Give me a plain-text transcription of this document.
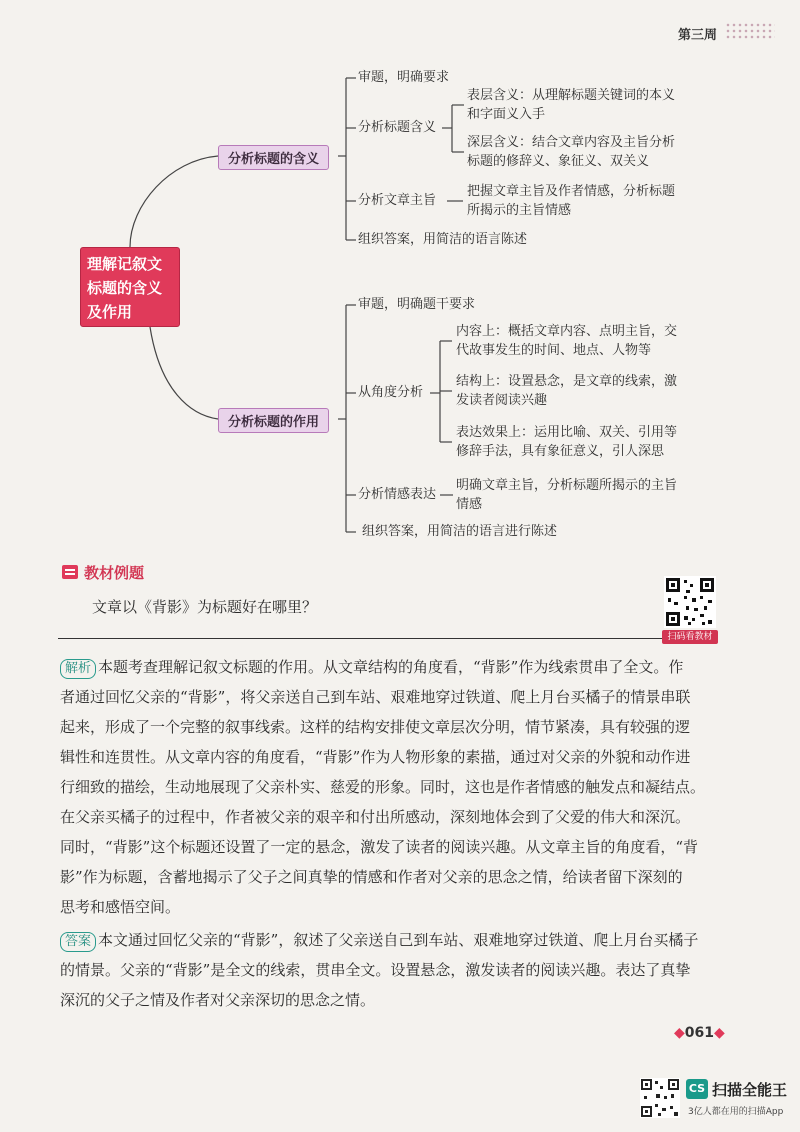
第三周
理解记叙文
标题的含义
及作用
分析标题的含义
分析标题的作用
审题，明确要求
分析标题含义
表层含义：从理解标题关键词的本义
和字面义入手
深层含义：结合文章内容及主旨分析
标题的修辞义、象征义、双关义
分析文章主旨
把握文章主旨及作者情感，分析标题
所揭示的主旨情感
组织答案，用简洁的语言陈述
审题，明确题干要求
从角度分析
内容上：概括文章内容、点明主旨，交
代故事发生的时间、地点、人物等
结构上：设置悬念，是文章的线索，激
发读者阅读兴趣
表达效果上：运用比喻、双关、引用等
修辞手法，具有象征意义，引人深思
分析情感表达
明确文章主旨，分析标题所揭示的主旨
情感
组织答案，用简洁的语言进行陈述
教材例题
文章以《背影》为标题好在哪里？
扫码看教材
解析 本题考查理解记叙文标题的作用。从文章结构的角度看，“背影”作为线索贯串了全文。作
者通过回忆父亲的“背影”，将父亲送自己到车站、艰难地穿过铁道、爬上月台买橘子的情景串联
起来，形成了一个完整的叙事线索。这样的结构安排使文章层次分明，情节紧凑，具有较强的逻
辑性和连贯性。从文章内容的角度看，“背影”作为人物形象的素描，通过对父亲的外貌和动作进
行细致的描绘，生动地展现了父亲朴实、慈爱的形象。同时，这也是作者情感的触发点和凝结点。
在父亲买橘子的过程中，作者被父亲的艰辛和付出所感动，深刻地体会到了父爱的伟大和深沉。
同时，“背影”这个标题还设置了一定的悬念，激发了读者的阅读兴趣。从文章主旨的角度看，“背
影”作为标题，含蓄地揭示了父子之间真挚的情感和作者对父亲的思念之情，给读者留下深刻的
思考和感悟空间。
答案 本文通过回忆父亲的“背影”，叙述了父亲送自己到车站、艰难地穿过铁道、爬上月台买橘子
的情景。父亲的“背影”是全文的线索，贯串全文。设置悬念，激发读者的阅读兴趣。表达了真挚
深沉的父子之情及作者对父亲深切的思念之情。
◆061◆
CS 扫描全能王
3亿人都在用的扫描App
